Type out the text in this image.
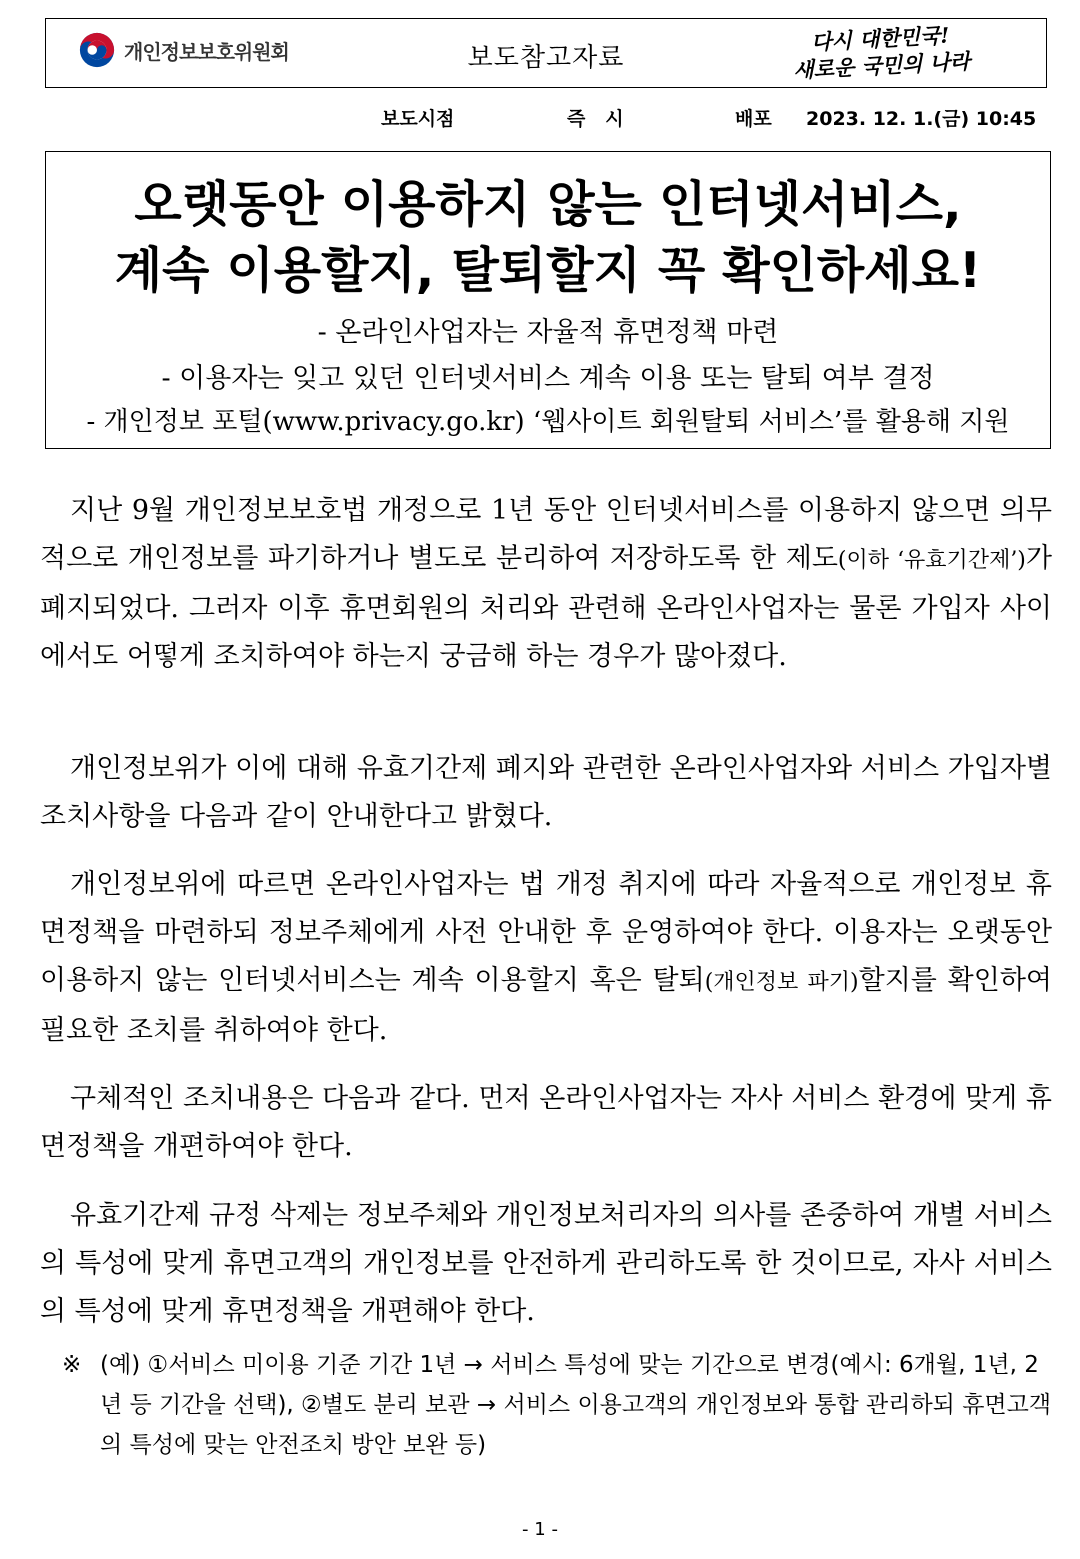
개인정보보호위원회	보도참고자료
다시 대한민국!
새로운 국민의 나라
보도시점	즉   시	배포 2023. 12. 1.(금) 10:45
오랫동안 이용하지 않는 인터넷서비스,
계속 이용할지, 탈퇴할지 꼭 확인하세요!
- 온라인사업자는 자율적 휴면정책 마련
- 이용자는 잊고 있던 인터넷서비스 계속 이용 또는 탈퇴 여부 결정
- 개인정보 포털(www.privacy.go.kr) ‘웹사이트 회원탈퇴 서비스’를 활용해 지원
지난 9월 개인정보보호법 개정으로 1년 동안 인터넷서비스를 이용하지 않으면 의무적으로 개인정보를 파기하거나 별도로 분리하여 저장하도록 한 제도(이하 ‘유효기간제’)가 폐지되었다. 그러자 이후 휴면회원의 처리와 관련해 온라인사업자는 물론 가입자 사이에서도 어떻게 조치하여야 하는지 궁금해 하는 경우가 많아졌다.
개인정보위가 이에 대해 유효기간제 폐지와 관련한 온라인사업자와 서비스 가입자별 조치사항을 다음과 같이 안내한다고 밝혔다.
개인정보위에 따르면 온라인사업자는 법 개정 취지에 따라 자율적으로 개인정보 휴면정책을 마련하되 정보주체에게 사전 안내한 후 운영하여야 한다. 이용자는 오랫동안 이용하지 않는 인터넷서비스는 계속 이용할지 혹은 탈퇴(개인정보 파기)할지를 확인하여 필요한 조치를 취하여야 한다.
구체적인 조치내용은 다음과 같다. 먼저 온라인사업자는 자사 서비스 환경에 맞게 휴면정책을 개편하여야 한다.
유효기간제 규정 삭제는 정보주체와 개인정보처리자의 의사를 존중하여 개별 서비스의 특성에 맞게 휴면고객의 개인정보를 안전하게 관리하도록 한 것이므로, 자사 서비스의 특성에 맞게 휴면정책을 개편해야 한다.
※ (예) ①서비스 미이용 기준 기간 1년 → 서비스 특성에 맞는 기간으로 변경(예시: 6개월, 1년, 2년 등 기간을 선택), ②별도 분리 보관 → 서비스 이용고객의 개인정보와 통합 관리하되 휴면고객의 특성에 맞는 안전조치 방안 보완 등)
- 1 -
